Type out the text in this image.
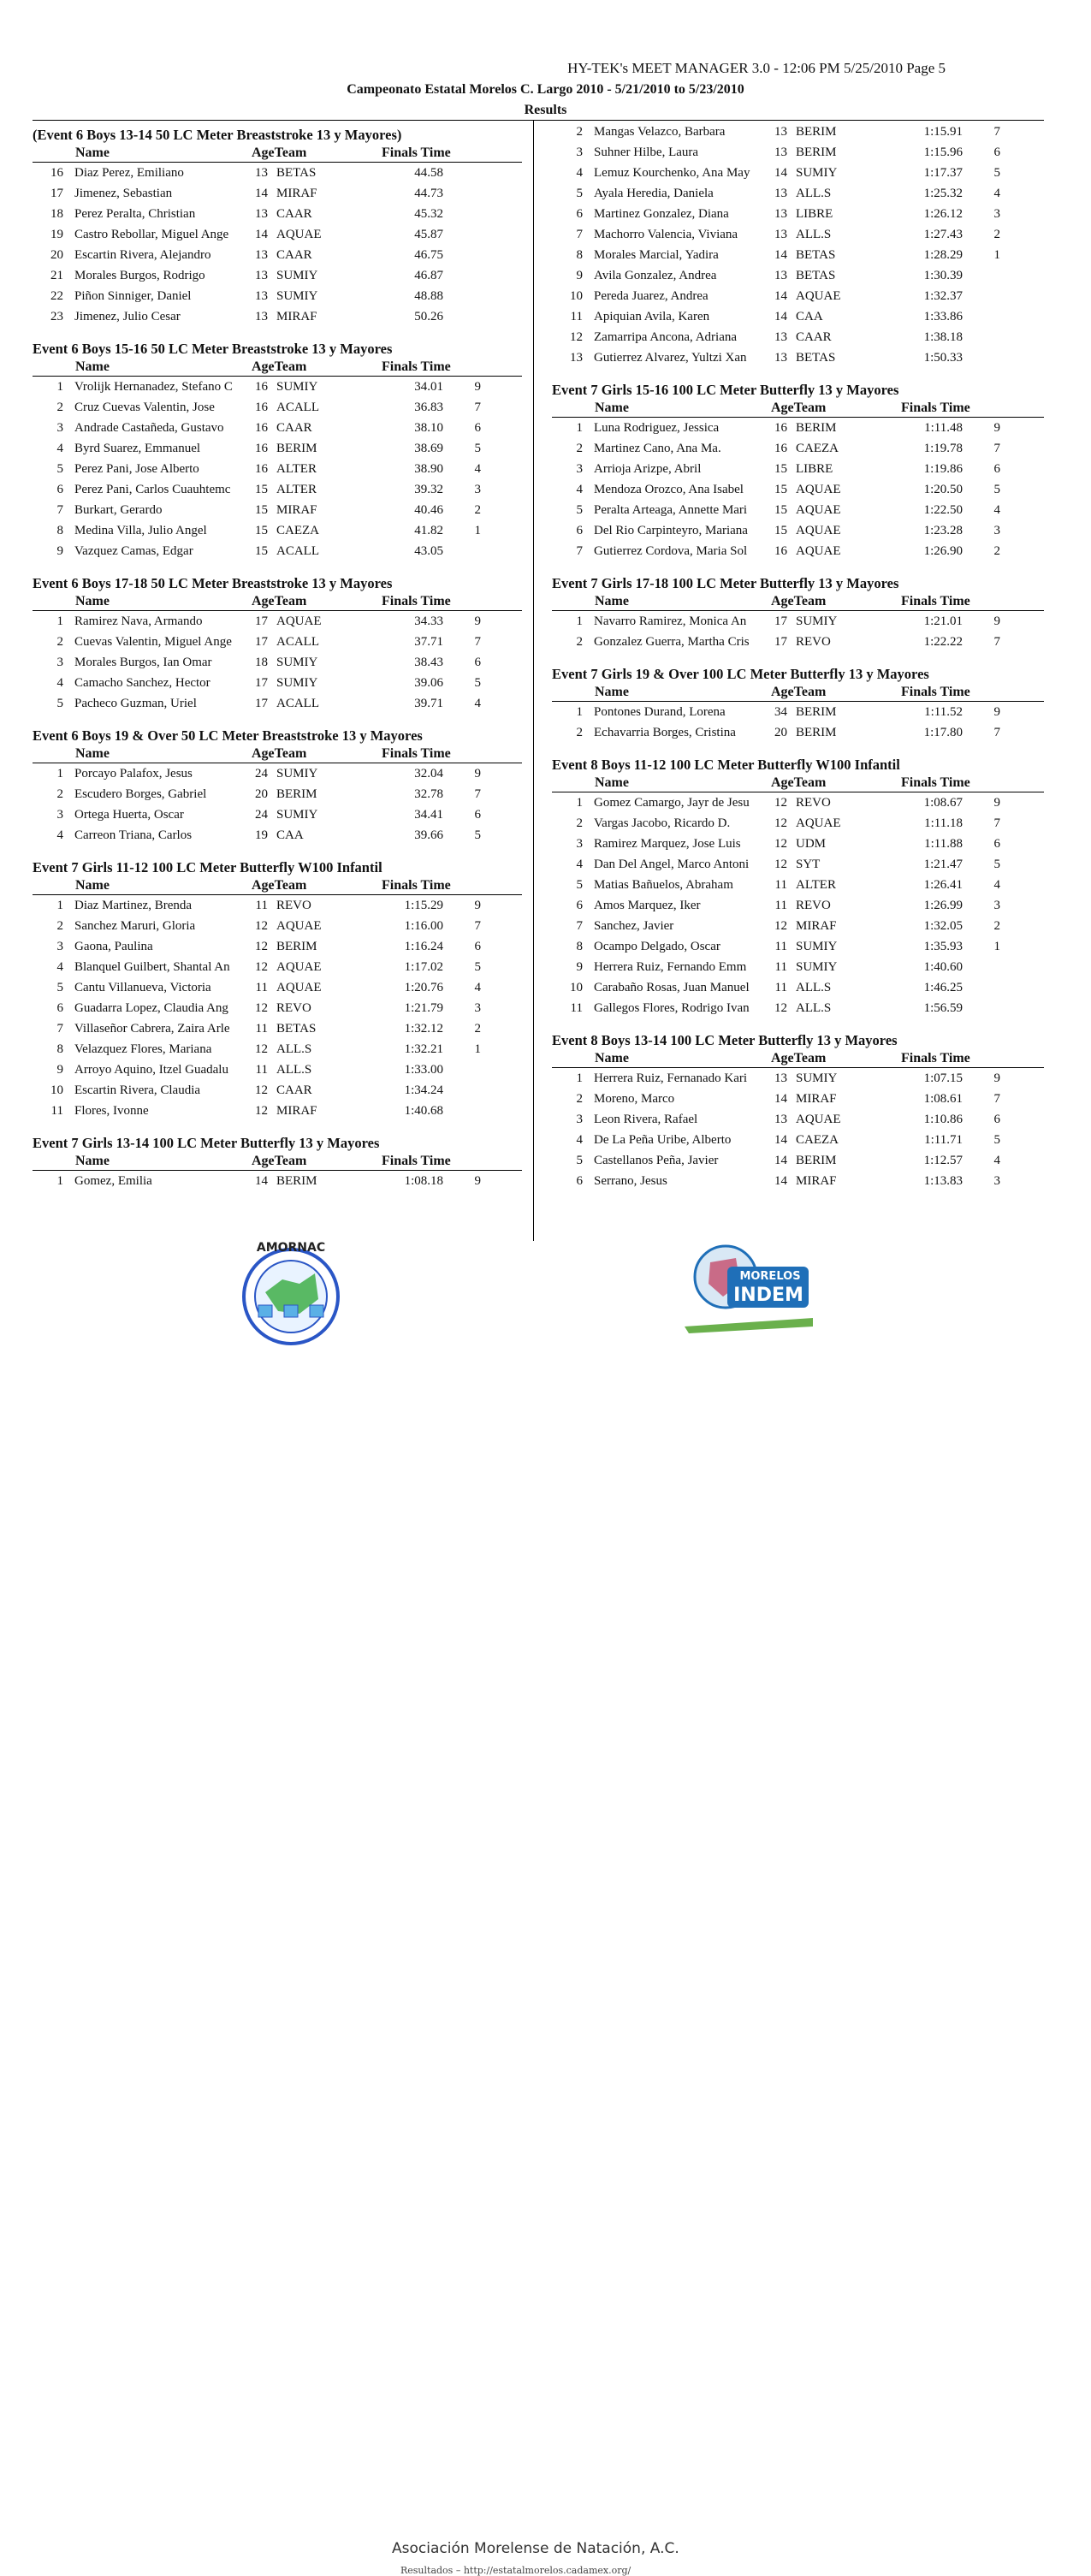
HY-TEK's MEET MANAGER 3.0 - 12:06 PM 5/25/2010 Page 5
Campeonato Estatal Morelos C. Largo 2010 - 5/21/2010 to 5/23/2010
Results
(Event 6 Boys 13-14 50 LC Meter Breaststroke 13 y Mayores)
Name	AgeTeam	Finals Time
16 Diaz Perez, Emiliano	13 BETAS	44.58
17 Jimenez, Sebastian	14 MIRAF	44.73
18 Perez Peralta, Christian	13 CAAR	45.32
19 Castro Rebollar, Miguel Ange	14 AQUAE	45.87
20 Escartin Rivera, Alejandro	13 CAAR	46.75
21 Morales Burgos, Rodrigo	13 SUMIY	46.87
22 Piñon Sinniger, Daniel	13 SUMIY	48.88
23 Jimenez, Julio Cesar	13 MIRAF	50.26
Event 6 Boys 15-16 50 LC Meter Breaststroke 13 y Mayores
Name	AgeTeam	Finals Time
1 Vrolijk Hernanadez, Stefano C	16 SUMIY	34.01	9
2 Cruz Cuevas Valentin, Jose	16 ACALL	36.83	7
3 Andrade Castañeda, Gustavo	16 CAAR	38.10	6
4 Byrd Suarez, Emmanuel	16 BERIM	38.69	5
5 Perez Pani, Jose Alberto	16 ALTER	38.90	4
6 Perez Pani, Carlos Cuauhtemc	15 ALTER	39.32	3
7 Burkart, Gerardo	15 MIRAF	40.46	2
8 Medina Villa, Julio Angel	15 CAEZA	41.82	1
9 Vazquez Camas, Edgar	15 ACALL	43.05
Event 6 Boys 17-18 50 LC Meter Breaststroke 13 y Mayores
Name	AgeTeam	Finals Time
1 Ramirez Nava, Armando	17 AQUAE	34.33	9
2 Cuevas Valentin, Miguel Ange	17 ACALL	37.71	7
3 Morales Burgos, Ian Omar	18 SUMIY	38.43	6
4 Camacho Sanchez, Hector	17 SUMIY	39.06	5
5 Pacheco Guzman, Uriel	17 ACALL	39.71	4
Event 6 Boys 19 & Over 50 LC Meter Breaststroke 13 y Mayores
Name	AgeTeam	Finals Time
1 Porcayo Palafox, Jesus	24 SUMIY	32.04	9
2 Escudero Borges, Gabriel	20 BERIM	32.78	7
3 Ortega Huerta, Oscar	24 SUMIY	34.41	6
4 Carreon Triana, Carlos	19 CAA	39.66	5
Event 7 Girls 11-12 100 LC Meter Butterfly W100 Infantil
Name	AgeTeam	Finals Time
1 Diaz Martinez, Brenda	11 REVO	1:15.29	9
2 Sanchez Maruri, Gloria	12 AQUAE	1:16.00	7
3 Gaona, Paulina	12 BERIM	1:16.24	6
4 Blanquel Guilbert, Shantal An	12 AQUAE	1:17.02	5
5 Cantu Villanueva, Victoria	11 AQUAE	1:20.76	4
6 Guadarra Lopez, Claudia Ang	12 REVO	1:21.79	3
7 Villaseñor Cabrera, Zaira Arle	11 BETAS	1:32.12	2
8 Velazquez Flores, Mariana	12 ALL.S	1:32.21	1
9 Arroyo Aquino, Itzel Guadalu	11 ALL.S	1:33.00
10 Escartin Rivera, Claudia	12 CAAR	1:34.24
11 Flores, Ivonne	12 MIRAF	1:40.68
Event 7 Girls 13-14 100 LC Meter Butterfly 13 y Mayores
Name	AgeTeam	Finals Time
1 Gomez, Emilia	14 BERIM	1:08.18	9
2 Mangas Velazco, Barbara	13 BERIM	1:15.91	7
3 Suhner Hilbe, Laura	13 BERIM	1:15.96	6
4 Lemuz Kourchenko, Ana May	14 SUMIY	1:17.37	5
5 Ayala Heredia, Daniela	13 ALL.S	1:25.32	4
6 Martinez Gonzalez, Diana	13 LIBRE	1:26.12	3
7 Machorro Valencia, Viviana	13 ALL.S	1:27.43	2
8 Morales Marcial, Yadira	14 BETAS	1:28.29	1
9 Avila Gonzalez, Andrea	13 BETAS	1:30.39
10 Pereda Juarez, Andrea	14 AQUAE	1:32.37
11 Apiquian Avila, Karen	14 CAA	1:33.86
12 Zamarripa Ancona, Adriana	13 CAAR	1:38.18
13 Gutierrez Alvarez, Yultzi Xan	13 BETAS	1:50.33
Event 7 Girls 15-16 100 LC Meter Butterfly 13 y Mayores
Name	AgeTeam	Finals Time
1 Luna Rodriguez, Jessica	16 BERIM	1:11.48	9
2 Martinez Cano, Ana Ma.	16 CAEZA	1:19.78	7
3 Arrioja Arizpe, Abril	15 LIBRE	1:19.86	6
4 Mendoza Orozco, Ana Isabel	15 AQUAE	1:20.50	5
5 Peralta Arteaga, Annette Mari	15 AQUAE	1:22.50	4
6 Del Rio Carpinteyro, Mariana	15 AQUAE	1:23.28	3
7 Gutierrez Cordova, Maria Sol	16 AQUAE	1:26.90	2
Event 7 Girls 17-18 100 LC Meter Butterfly 13 y Mayores
Name	AgeTeam	Finals Time
1 Navarro Ramirez, Monica An	17 SUMIY	1:21.01	9
2 Gonzalez Guerra, Martha Cris	17 REVO	1:22.22	7
Event 7 Girls 19 & Over 100 LC Meter Butterfly 13 y Mayores
Name	AgeTeam	Finals Time
1 Pontones Durand, Lorena	34 BERIM	1:11.52	9
2 Echavarria Borges, Cristina	20 BERIM	1:17.80	7
Event 8 Boys 11-12 100 LC Meter Butterfly W100 Infantil
Name	AgeTeam	Finals Time
1 Gomez Camargo, Jayr de Jesu	12 REVO	1:08.67	9
2 Vargas Jacobo, Ricardo D.	12 AQUAE	1:11.18	7
3 Ramirez Marquez, Jose Luis	12 UDM	1:11.88	6
4 Dan Del Angel, Marco Antoni	12 SYT	1:21.47	5
5 Matias Bañuelos, Abraham	11 ALTER	1:26.41	4
6 Amos Marquez, Iker	11 REVO	1:26.99	3
7 Sanchez, Javier	12 MIRAF	1:32.05	2
8 Ocampo Delgado, Oscar	11 SUMIY	1:35.93	1
9 Herrera Ruiz, Fernando Emm	11 SUMIY	1:40.60
10 Carabaño Rosas, Juan Manuel	11 ALL.S	1:46.25
11 Gallegos Flores, Rodrigo Ivan	12 ALL.S	1:56.59
Event 8 Boys 13-14 100 LC Meter Butterfly 13 y Mayores
Name	AgeTeam	Finals Time
1 Herrera Ruiz, Fernanado Kari	13 SUMIY	1:07.15	9
2 Moreno, Marco	14 MIRAF	1:08.61	7
3 Leon Rivera, Rafael	13 AQUAE	1:10.86	6
4 De La Peña Uribe, Alberto	14 CAEZA	1:11.71	5
5 Castellanos Peña, Javier	14 BERIM	1:12.57	4
6 Serrano, Jesus	14 MIRAF	1:13.83	3
AMORNAC
Asociación Morelense de Natación, A.C.
Resultados – http://estatalmorelos.cadamex.org/
MORELOS
INDEM
